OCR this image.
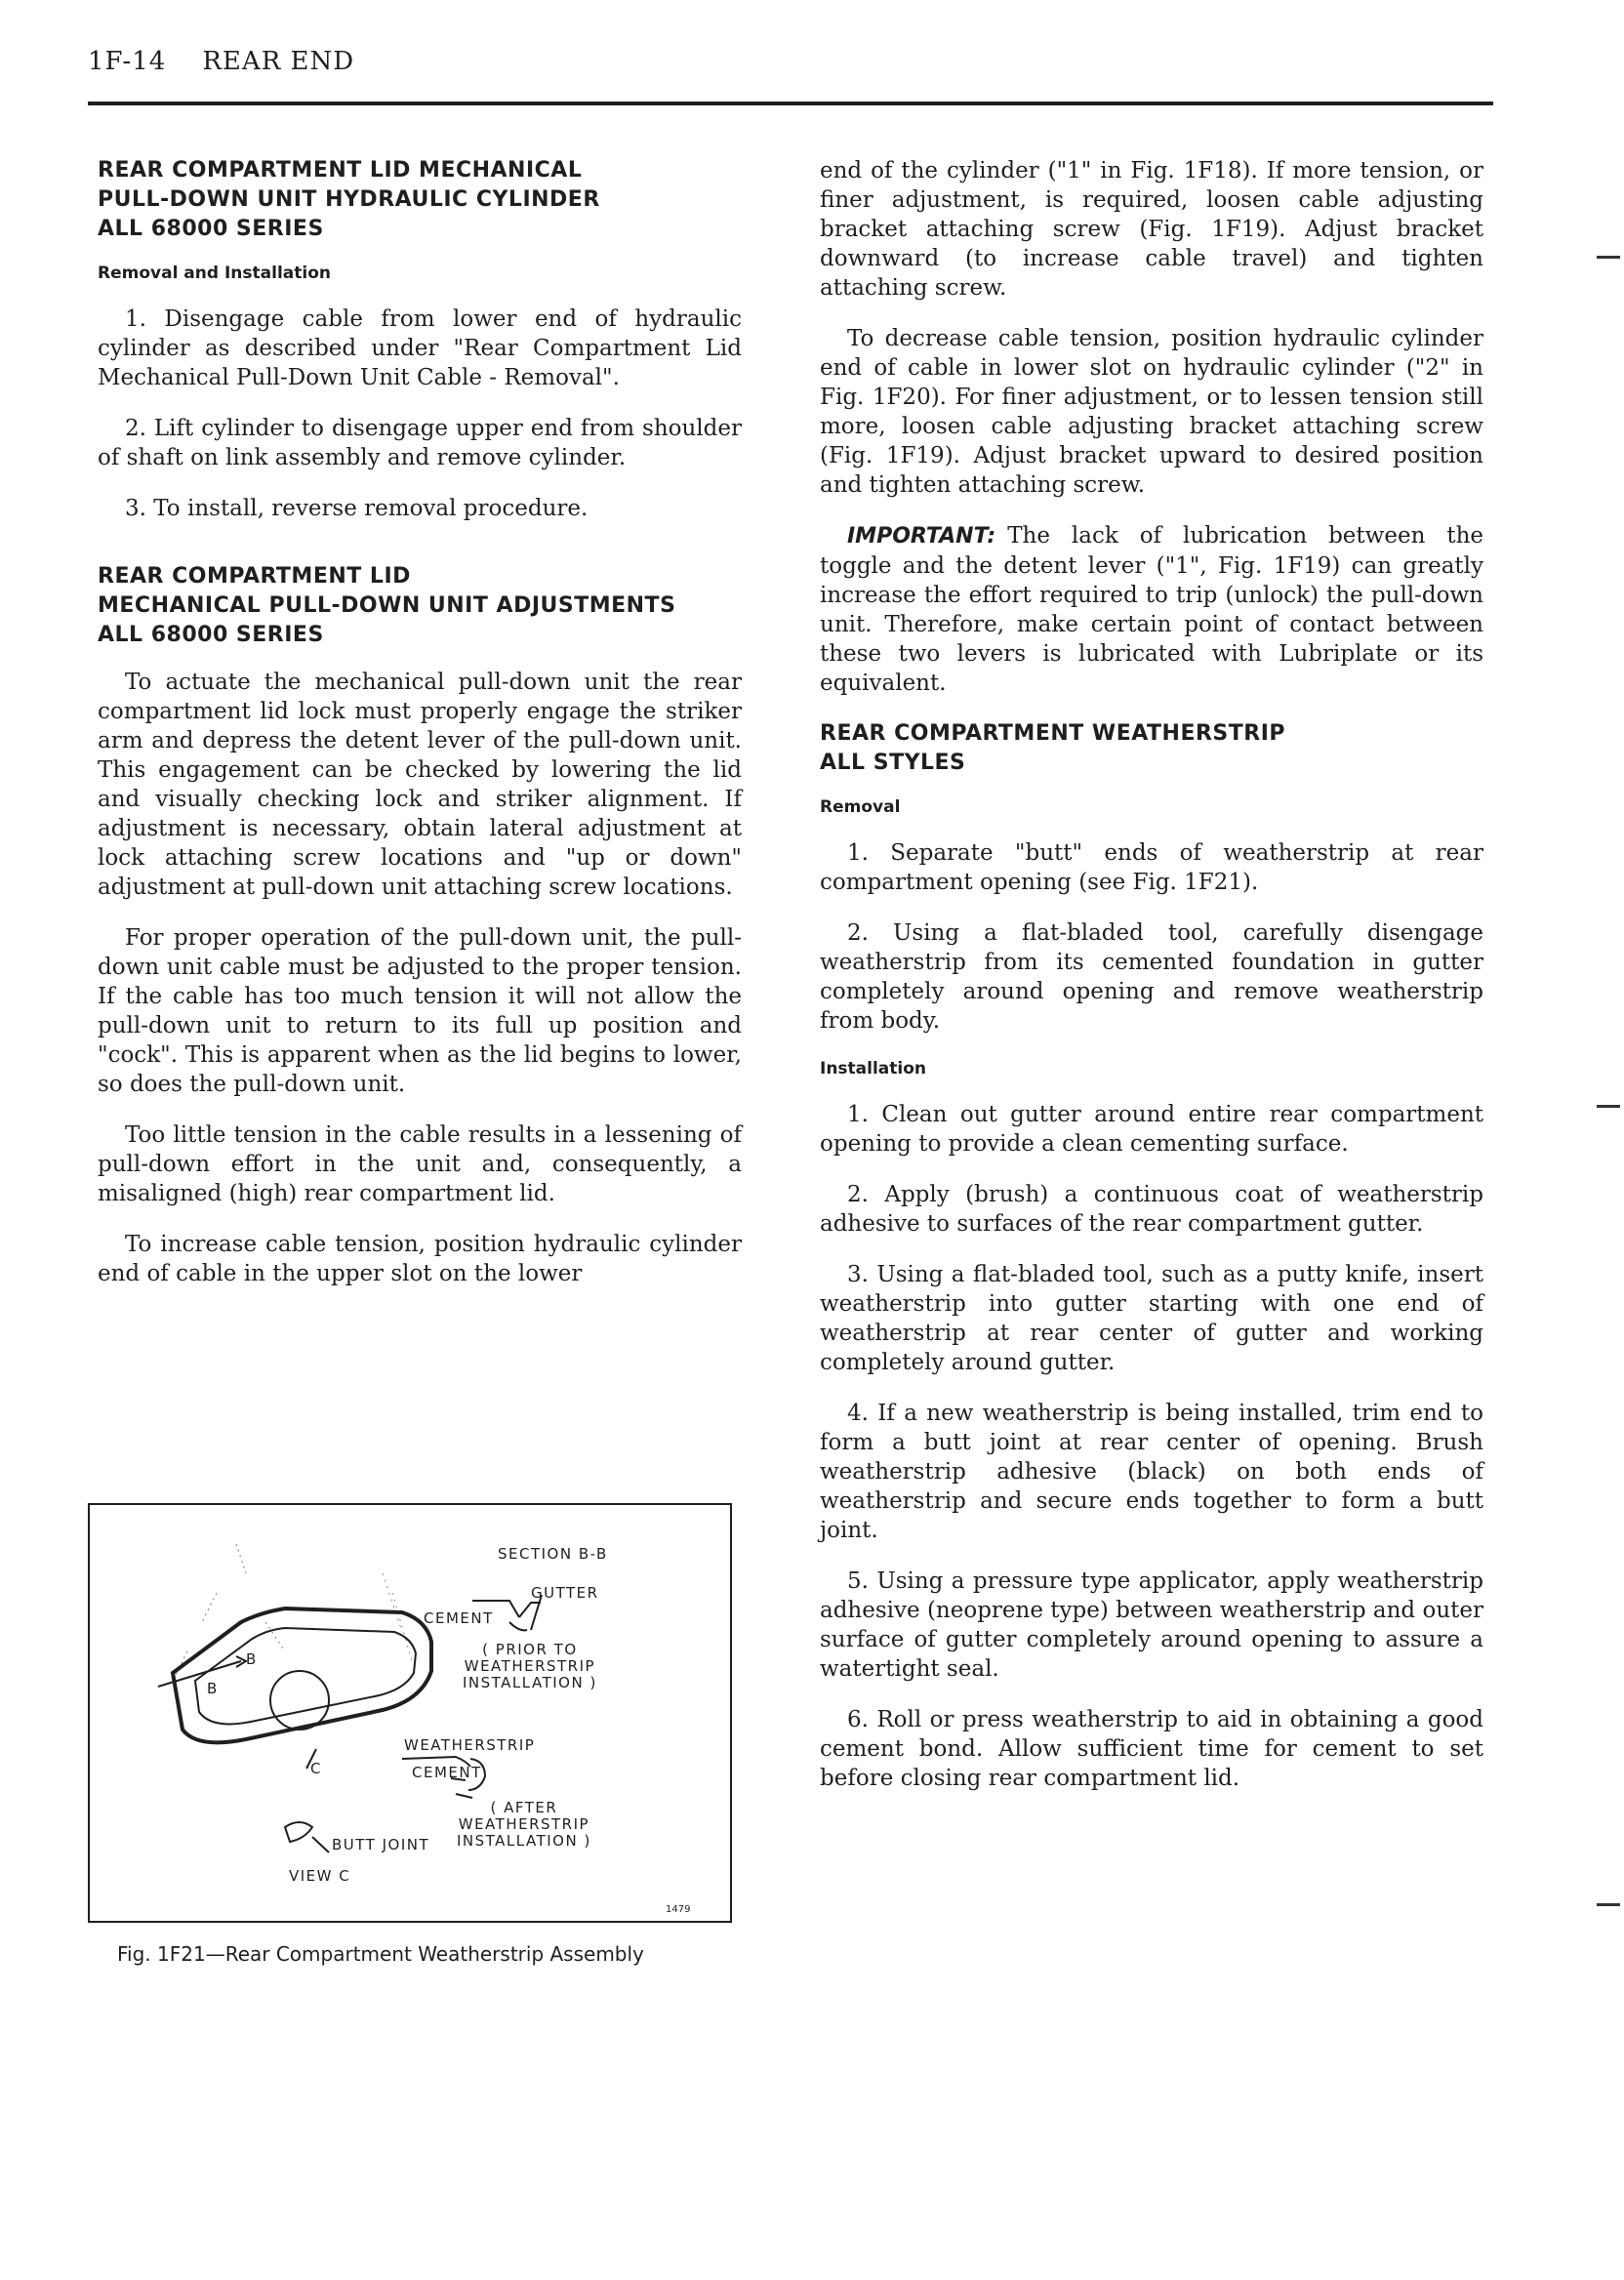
1F-14 REAR END
REAR COMPARTMENT LID MECHANICAL
PULL-DOWN UNIT HYDRAULIC CYLINDER
ALL 68000 SERIES
Removal and Installation

1. Disengage cable from lower end of hydraulic cylinder as described under "Rear Compartment Lid Mechanical Pull-Down Unit Cable - Removal".

2. Lift cylinder to disengage upper end from shoulder of shaft on link assembly and remove cylinder.

3. To install, reverse removal procedure.

REAR COMPARTMENT LID
MECHANICAL PULL-DOWN UNIT ADJUSTMENTS
ALL 68000 SERIES

To actuate the mechanical pull-down unit the rear compartment lid lock must properly engage the striker arm and depress the detent lever of the pull-down unit. This engagement can be checked by lowering the lid and visually checking lock and striker alignment. If adjustment is necessary, obtain lateral adjustment at lock attaching screw locations and "up or down" adjustment at pull-down unit attaching screw locations.

For proper operation of the pull-down unit, the pull-down unit cable must be adjusted to the proper tension. If the cable has too much tension it will not allow the pull-down unit to return to its full up position and "cock". This is apparent when as the lid begins to lower, so does the pull-down unit.

Too little tension in the cable results in a lessening of pull-down effort in the unit and, consequently, a misaligned (high) rear compartment lid.

To increase cable tension, position hydraulic cylinder end of cable in the upper slot on the lower

SECTION B-B
GUTTER
CEMENT
( PRIOR TO
WEATHERSTRIP
INSTALLATION )
B
B
C
WEATHERSTRIP
CEMENT
( AFTER
WEATHERSTRIP
INSTALLATION )
BUTT JOINT
VIEW C
1479
Fig. 1F21—Rear Compartment Weatherstrip Assembly

end of the cylinder ("1" in Fig. 1F18). If more tension, or finer adjustment, is required, loosen cable adjusting bracket attaching screw (Fig. 1F19). Adjust bracket downward (to increase cable travel) and tighten attaching screw.

To decrease cable tension, position hydraulic cylinder end of cable in lower slot on hydraulic cylinder ("2" in Fig. 1F20). For finer adjustment, or to lessen tension still more, loosen cable adjusting bracket attaching screw (Fig. 1F19). Adjust bracket upward to desired position and tighten attaching screw.

IMPORTANT: The lack of lubrication between the toggle and the detent lever ("1", Fig. 1F19) can greatly increase the effort required to trip (unlock) the pull-down unit. Therefore, make certain point of contact between these two levers is lubricated with Lubriplate or its equivalent.

REAR COMPARTMENT WEATHERSTRIP
ALL STYLES
Removal

1. Separate "butt" ends of weatherstrip at rear compartment opening (see Fig. 1F21).

2. Using a flat-bladed tool, carefully disengage weatherstrip from its cemented foundation in gutter completely around opening and remove weatherstrip from body.

Installation

1. Clean out gutter around entire rear compartment opening to provide a clean cementing surface.

2. Apply (brush) a continuous coat of weatherstrip adhesive to surfaces of the rear compartment gutter.

3. Using a flat-bladed tool, such as a putty knife, insert weatherstrip into gutter starting with one end of weatherstrip at rear center of gutter and working completely around gutter.

4. If a new weatherstrip is being installed, trim end to form a butt joint at rear center of opening. Brush weatherstrip adhesive (black) on both ends of weatherstrip and secure ends together to form a butt joint.

5. Using a pressure type applicator, apply weatherstrip adhesive (neoprene type) between weatherstrip and outer surface of gutter completely around opening to assure a watertight seal.

6. Roll or press weatherstrip to aid in obtaining a good cement bond. Allow sufficient time for cement to set before closing rear compartment lid.
